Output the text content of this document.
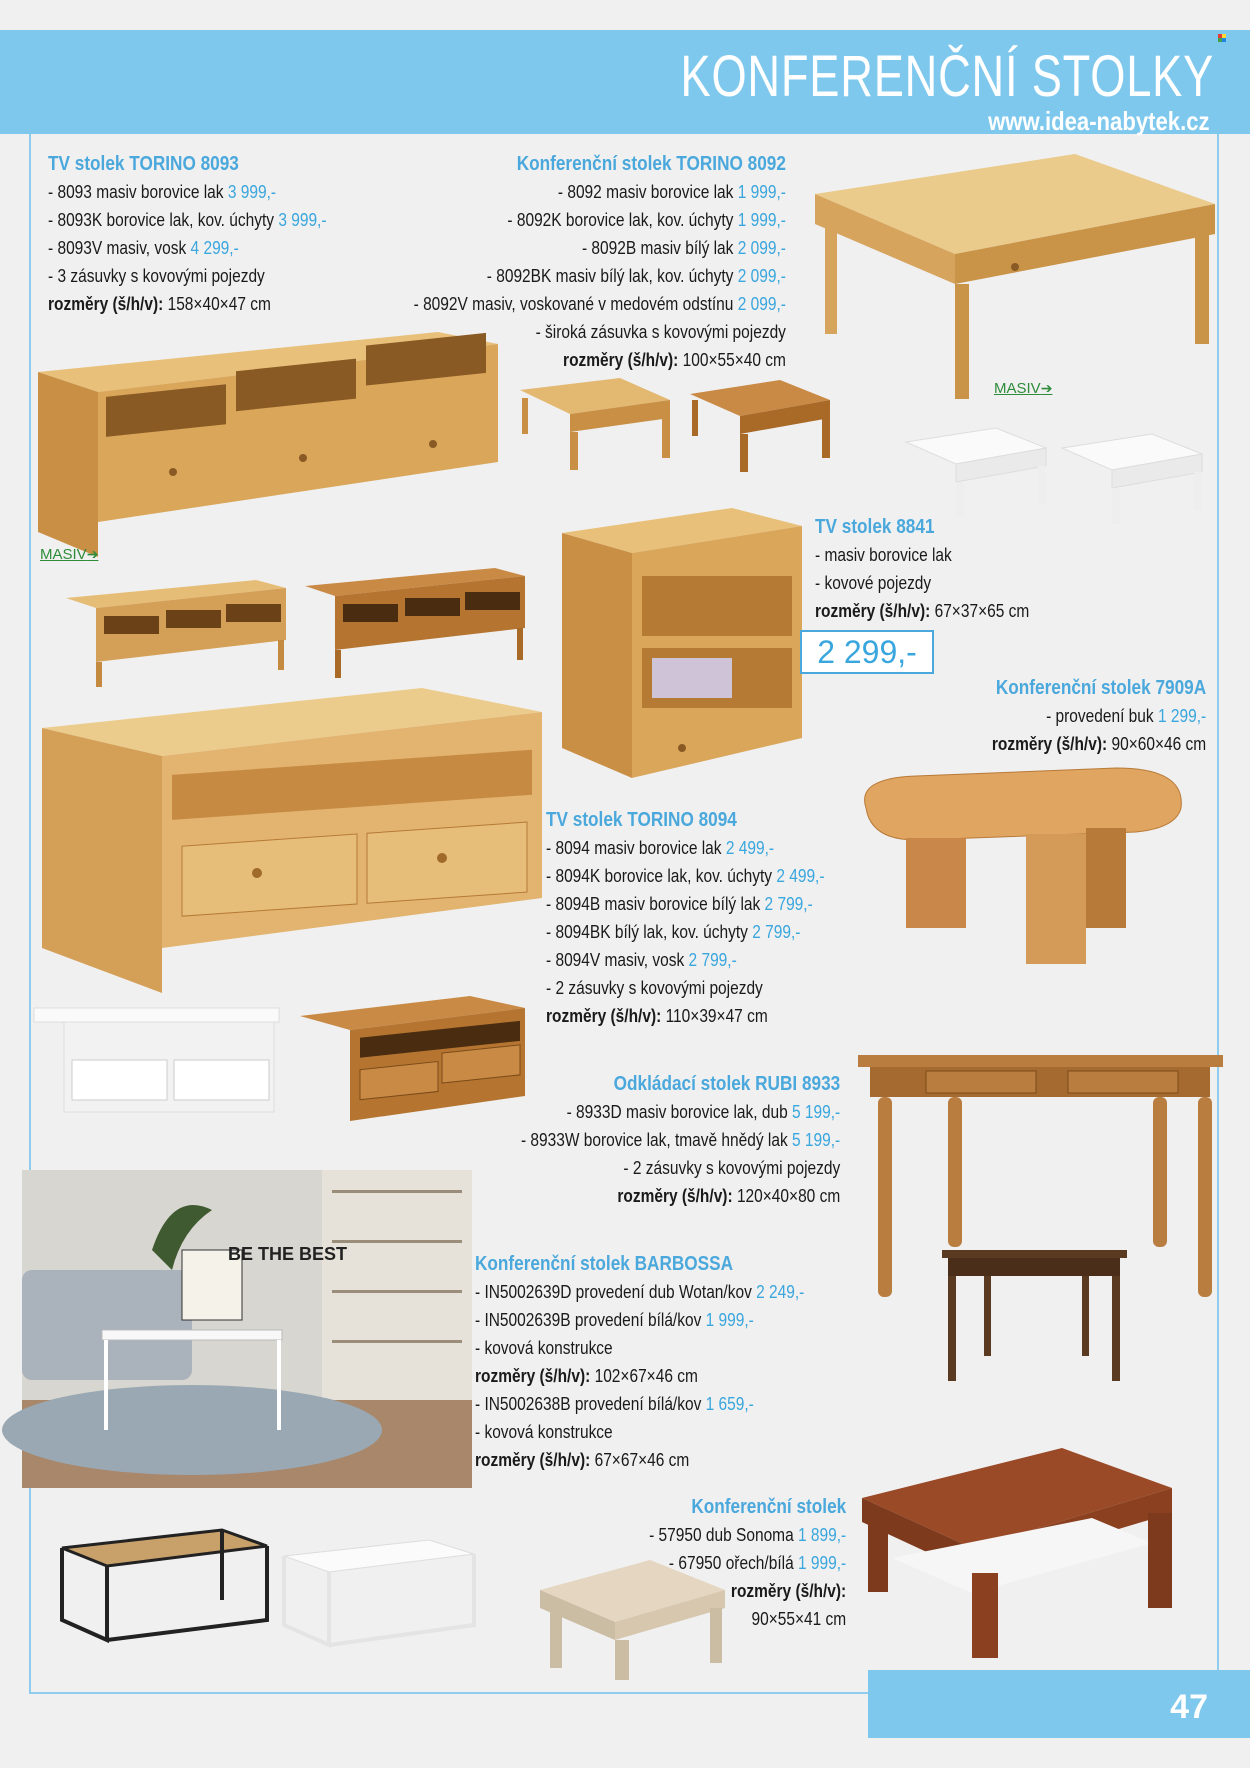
KONFERENČNÍ STOLKY
www.idea-nabytek.cz
MASIV➔
MASIV➔
BE THE BEST
TV stolek TORINO 8093
- 8093 masiv borovice lak 3 999,-
- 8093K borovice lak, kov. úchyty 3 999,-
- 8093V masiv, vosk 4 299,-
- 3 zásuvky s kovovými pojezdy
rozměry (š/h/v): 158×40×47 cm
Konferenční stolek TORINO 8092
- 8092 masiv borovice lak 1 999,-
- 8092K borovice lak, kov. úchyty 1 999,-
- 8092B masiv bílý lak 2 099,-
- 8092BK masiv bílý lak, kov. úchyty 2 099,-
- 8092V masiv, voskované v medovém odstínu 2 099,-
- široká zásuvka s kovovými pojezdy
rozměry (š/h/v): 100×55×40 cm
TV stolek 8841
- masiv borovice lak
- kovové pojezdy
rozměry (š/h/v): 67×37×65 cm
2 299,-
Konferenční stolek 7909A
- provedení buk 1 299,-
rozměry (š/h/v): 90×60×46 cm
TV stolek TORINO 8094
- 8094 masiv borovice lak 2 499,-
- 8094K borovice lak, kov. úchyty 2 499,-
- 8094B masiv borovice bílý lak 2 799,-
- 8094BK bílý lak, kov. úchyty 2 799,-
- 8094V masiv, vosk 2 799,-
- 2 zásuvky s kovovými pojezdy
rozměry (š/h/v): 110×39×47 cm
Odkládací stolek RUBI 8933
- 8933D masiv borovice lak, dub 5 199,-
- 8933W borovice lak, tmavě hnědý lak 5 199,-
- 2 zásuvky s kovovými pojezdy
rozměry (š/h/v): 120×40×80 cm
Konferenční stolek BARBOSSA
- IN5002639D provedení dub Wotan/kov 2 249,-
- IN5002639B provedení bílá/kov 1 999,-
- kovová konstrukce
rozměry (š/h/v): 102×67×46 cm
- IN5002638B provedení bílá/kov 1 659,-
- kovová konstrukce
rozměry (š/h/v): 67×67×46 cm
Konferenční stolek
- 57950 dub Sonoma 1 899,-
- 67950 ořech/bílá 1 999,-
rozměry (š/h/v):
90×55×41 cm
47
